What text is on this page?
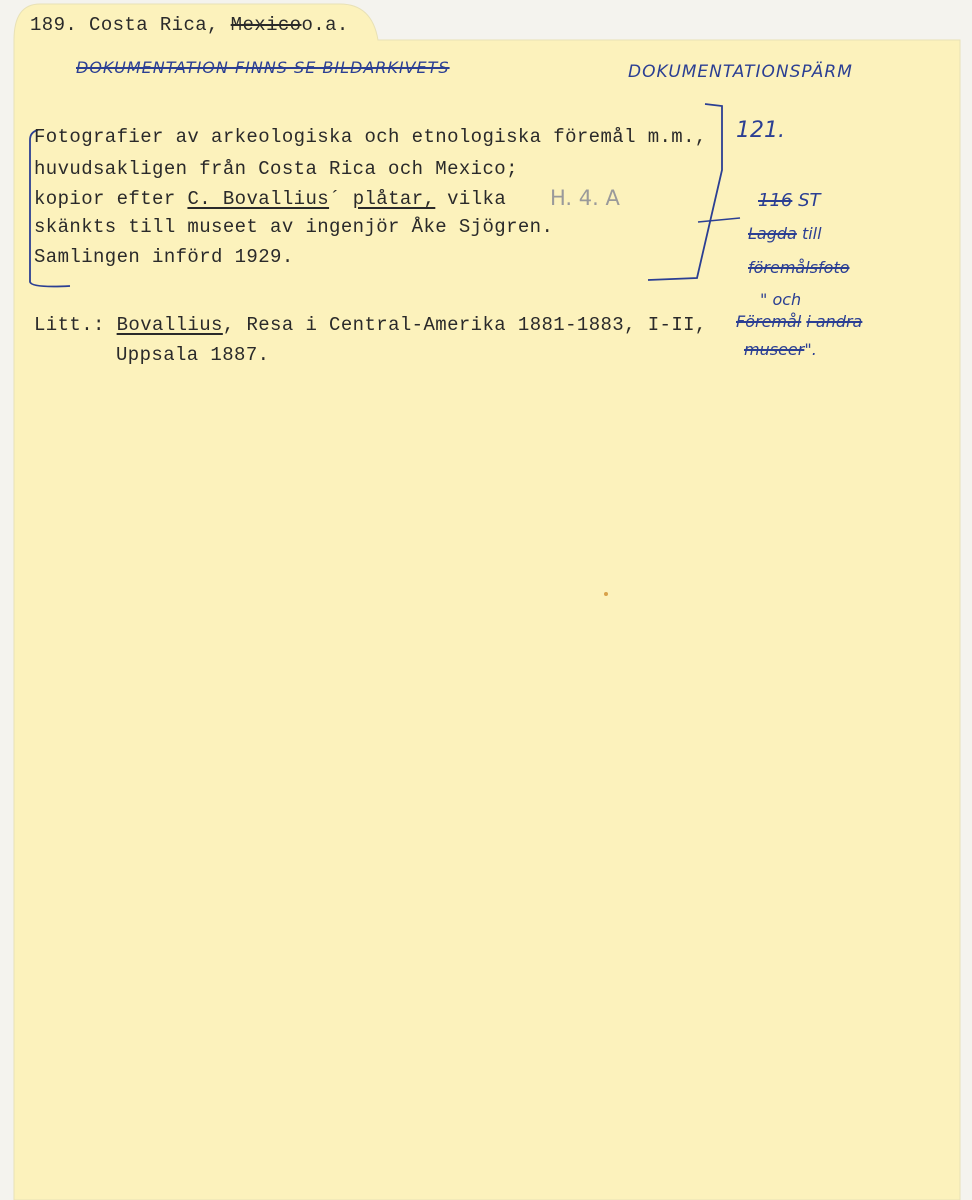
189. Costa Rica, Mexicoo.a.
DOKUMENTATION FINNS SE BILDARKIVETS	DOKUMENTATIONSPÄRM
Fotografier av arkeologiska och etnologiska föremål m.m.,
huvudsakligen från Costa Rica och Mexico;
kopior efter C. Bovallius´ plåtar, vilka
skänkts till museet av ingenjör Åke Sjögren.
Samlingen införd 1929.
H. 4. A
121.
116 ST
Lagda till
föremålsfoto
" och
Föremål i andra
museer".
Litt.: Bovallius, Resa i Central-Amerika 1881-1883, I-II,
Uppsala 1887.
